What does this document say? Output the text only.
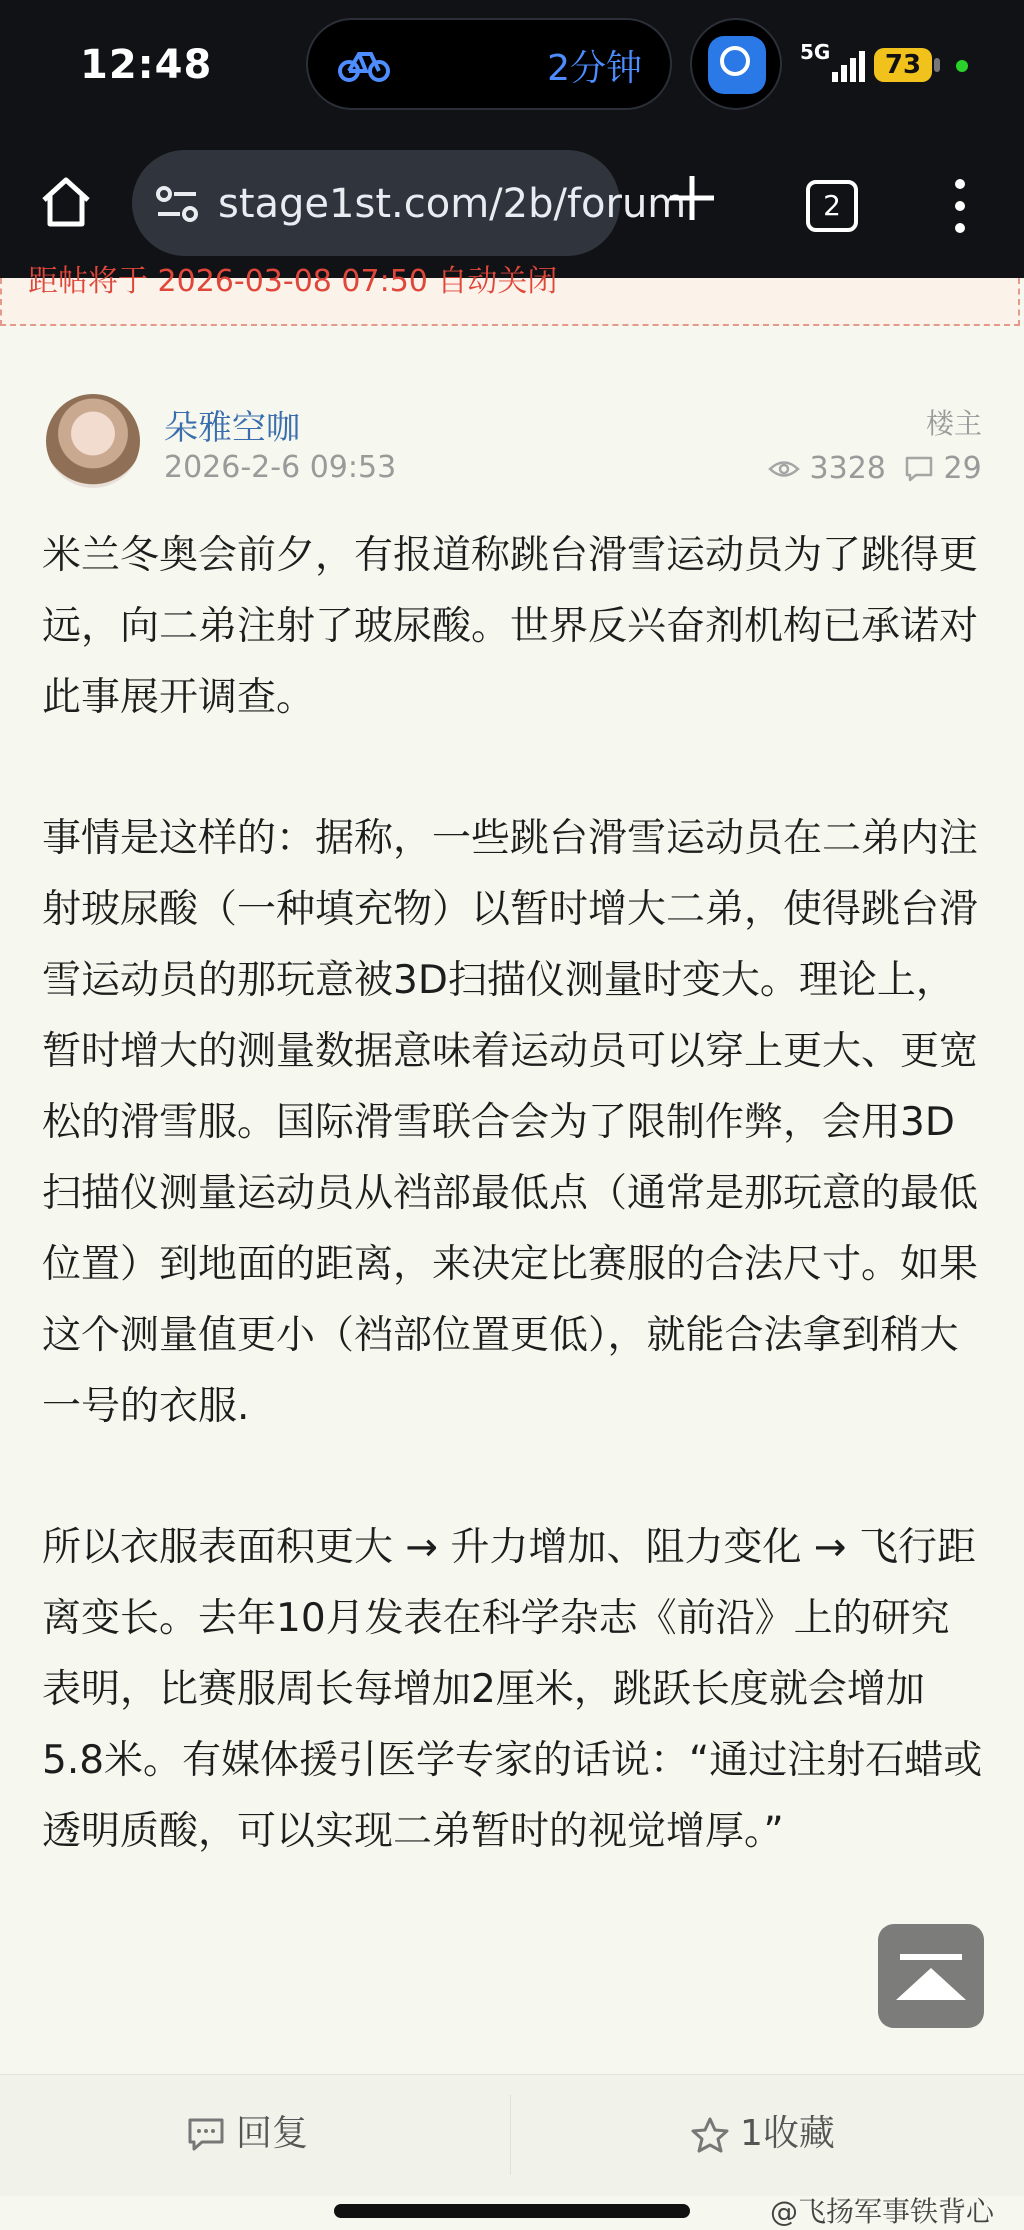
12:48	2分钟	5G	73
stage1st.com/2b/forum	2
距帖将于 2026-03-08 07:50 自动关闭
朵雅空咖
2026-2-6 09:53
楼主
3328	29

米兰冬奥会前夕，有报道称跳台滑雪运动员为了跳得更远，向二弟注射了玻尿酸。世界反兴奋剂机构已承诺对此事展开调查。

事情是这样的：据称，一些跳台滑雪运动员在二弟内注射玻尿酸（一种填充物）以暂时增大二弟，使得跳台滑雪运动员的那玩意被3D扫描仪测量时变大。理论上，暂时增大的测量数据意味着运动员可以穿上更大、更宽松的滑雪服。国际滑雪联合会为了限制作弊，会用3D扫描仪测量运动员从裆部最低点（通常是那玩意的最低位置）到地面的距离，来决定比赛服的合法尺寸。如果这个测量值更小（裆部位置更低），就能合法拿到稍大一号的衣服.

所以衣服表面积更大 → 升力增加、阻力变化 → 飞行距离变长。去年10月发表在科学杂志《前沿》上的研究表明，比赛服周长每增加2厘米，跳跃长度就会增加5.8米。有媒体援引医学专家的话说：“通过注射石蜡或透明质酸，可以实现二弟暂时的视觉增厚。”

回复	1收藏
@飞扬军事铁背心
